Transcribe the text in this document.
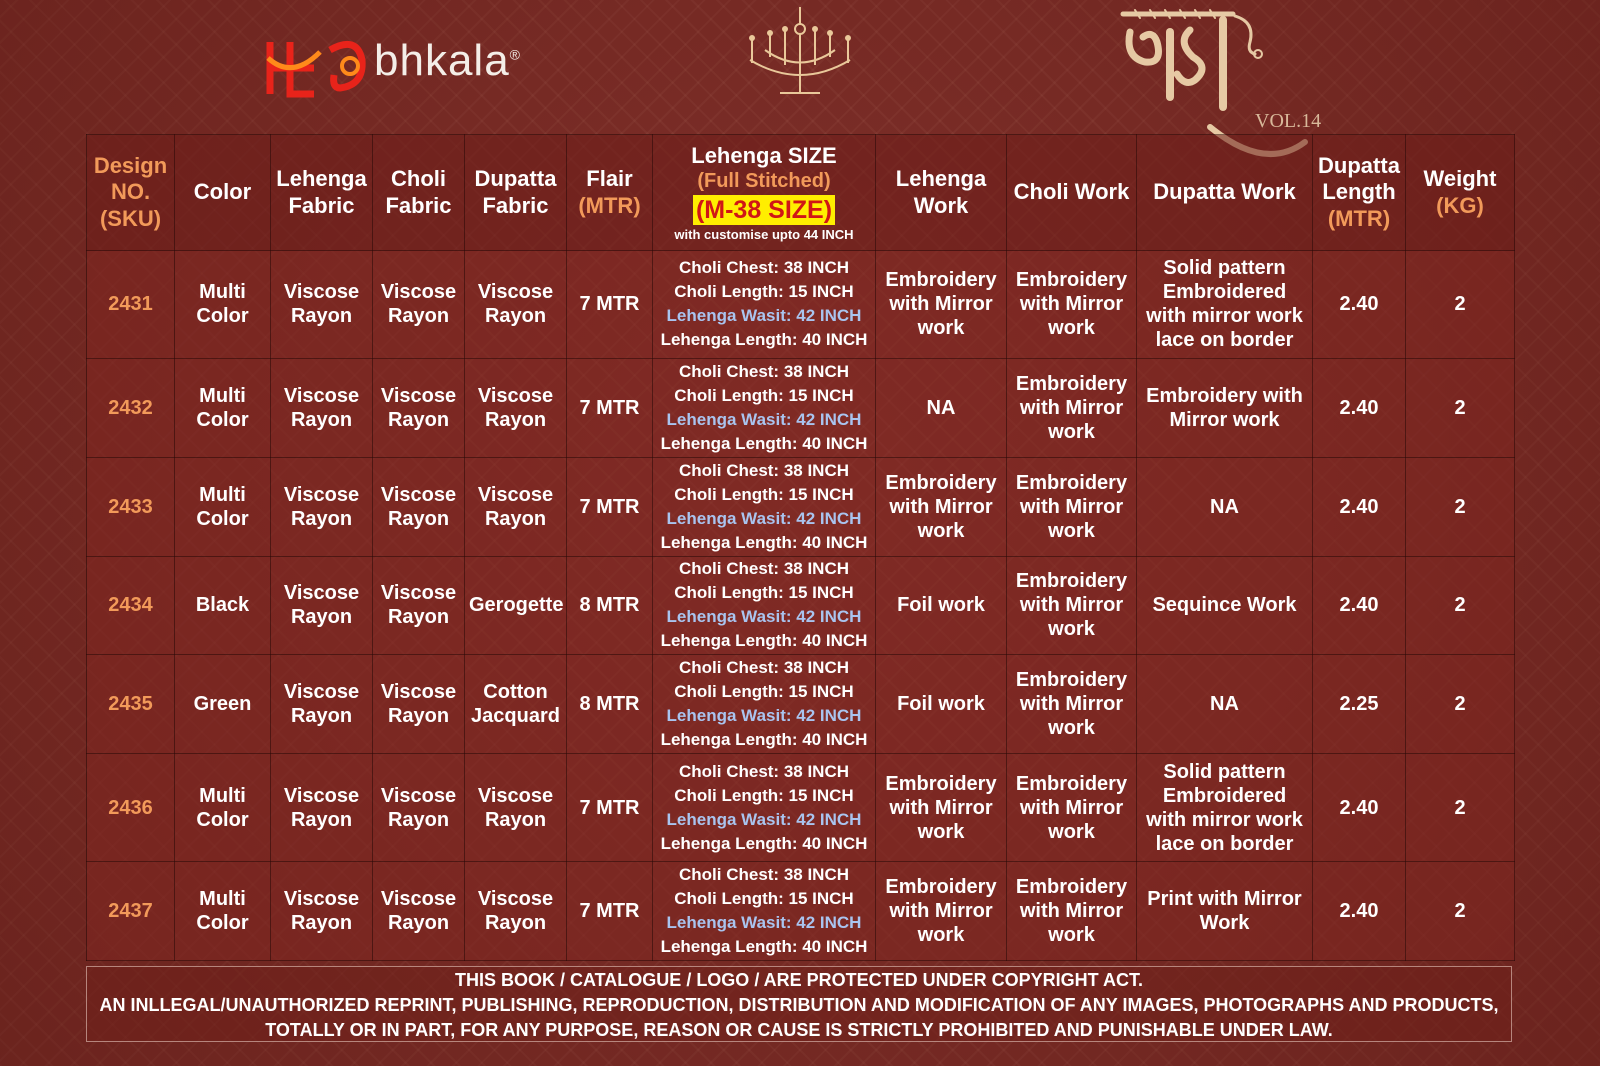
bhkala®
VOL.14
Design
NO.
(SKU)	Color	Lehenga
Fabric	Choli
Fabric	Dupatta
Fabric	Flair
(MTR)	Lehenga SIZE
(Full Stitched)
(M-38 SIZE)
with customise upto 44 INCH	Lehenga
Work	Choli Work	Dupatta Work	Dupatta
Length
(MTR)	Weight
(KG)

2431	Multi
Color	Viscose
Rayon	Viscose
Rayon	Viscose
Rayon	7 MTR	Choli Chest: 38 INCH
Choli Length: 15 INCH
Lehenga Wasit: 42 INCH
Lehenga Length: 40 INCH	Embroidery
with Mirror
work	Embroidery
with Mirror
work	Solid pattern
Embroidered
with mirror work
lace on border	2.40	2
2432	Multi
Color	Viscose
Rayon	Viscose
Rayon	Viscose
Rayon	7 MTR	Choli Chest: 38 INCH
Choli Length: 15 INCH
Lehenga Wasit: 42 INCH
Lehenga Length: 40 INCH	NA	Embroidery
with Mirror
work	Embroidery with
Mirror work	2.40	2
2433	Multi
Color	Viscose
Rayon	Viscose
Rayon	Viscose
Rayon	7 MTR	Choli Chest: 38 INCH
Choli Length: 15 INCH
Lehenga Wasit: 42 INCH
Lehenga Length: 40 INCH	Embroidery
with Mirror
work	Embroidery
with Mirror
work	NA	2.40	2
2434	Black	Viscose
Rayon	Viscose
Rayon	Gerogette	8 MTR	Choli Chest: 38 INCH
Choli Length: 15 INCH
Lehenga Wasit: 42 INCH
Lehenga Length: 40 INCH	Foil work	Embroidery
with Mirror
work	Sequince Work	2.40	2
2435	Green	Viscose
Rayon	Viscose
Rayon	Cotton
Jacquard	8 MTR	Choli Chest: 38 INCH
Choli Length: 15 INCH
Lehenga Wasit: 42 INCH
Lehenga Length: 40 INCH	Foil work	Embroidery
with Mirror
work	NA	2.25	2
2436	Multi
Color	Viscose
Rayon	Viscose
Rayon	Viscose
Rayon	7 MTR	Choli Chest: 38 INCH
Choli Length: 15 INCH
Lehenga Wasit: 42 INCH
Lehenga Length: 40 INCH	Embroidery
with Mirror
work	Embroidery
with Mirror
work	Solid pattern
Embroidered
with mirror work
lace on border	2.40	2
2437	Multi
Color	Viscose
Rayon	Viscose
Rayon	Viscose
Rayon	7 MTR	Choli Chest: 38 INCH
Choli Length: 15 INCH
Lehenga Wasit: 42 INCH
Lehenga Length: 40 INCH	Embroidery
with Mirror
work	Embroidery
with Mirror
work	Print with Mirror
Work	2.40	2
THIS BOOK / CATALOGUE / LOGO / ARE PROTECTED UNDER COPYRIGHT ACT.
AN INLLEGAL/UNAUTHORIZED REPRINT, PUBLISHING, REPRODUCTION, DISTRIBUTION AND MODIFICATION OF ANY IMAGES, PHOTOGRAPHS AND PRODUCTS,
TOTALLY OR IN PART, FOR ANY PURPOSE, REASON OR CAUSE IS STRICTLY PROHIBITED AND PUNISHABLE UNDER LAW.
